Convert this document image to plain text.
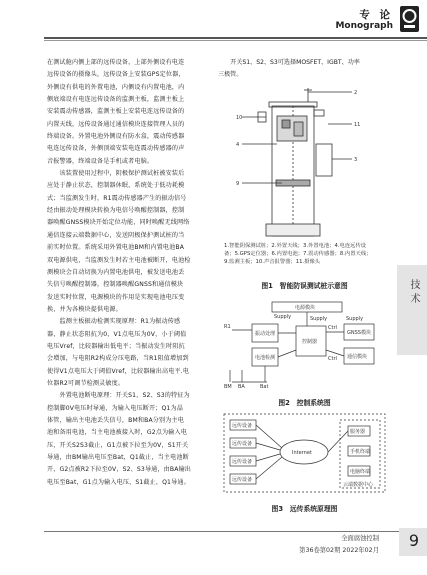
专 论
Monograph

在测试舱内侧上部的远传设备，上部外侧设有电连

远传设备的摄像头，远传设备上安装GPS定位器，

外侧设有供电的外置电池，内侧设有内置电池，内

侧底端设有电连远传设备的监测主板，监测主板上

安装震动传感器，监测主板上安装电连远传设备的

内置天线，远传设备通过通信模块连接管理人员的

终端设备。外置电池外侧设有防水盒，震动传感器

电连远传设备，外侧顶端安装电连震动传感器的声

音报警器，终端设备是手机或者电脑。

　　该装置使用过程中，阴极保护测试桩被安装后

应处于静止状态，控制器休眠，系统处于低功耗模

式；当监测发生时，R1震动传感器产生的振动信号

经由振动处理模块转换为电信号唤醒控制器，控制

器唤醒GNSS模块开始定位功能，同时唤醒无线网络

通信连接云端数据中心，发送阴极保护测试桩的当

前实时位置。系统采用外置电池BM和内置电池BA

双电源供电，当监测发生时若主电池被断开，电池检

测模块会自动切换为内置电池供电，被发送电池丢

失信号唤醒控制器，控制器唤醒GNSS和通信模块

发送实时位置，电源模块的作用是实现电池电压变

换，并为各模块提供电源。

　　监测主板振动检测实现原理：R1为振动传感

器，静止状态阻抗为0，V1点电压为0V，小于阈值

电压Vref，比较器输出低电平；当振动发生时阻抗

会增加，与电阻R2构成分压电路，当R1阻值增加到

使得V1点电压大于阈值Vref，比较器输出高电平.电

位器R2可调节检测灵敏度。

　　外置电池断电原理：开关S1、S2、S3的特征为

控制脚0V电压时导通，为输入电压断开；Q1为晶

体管，输出主电池丢失信号，BM和BA分别为主电

池和备用电池，当主电池被接入时，G2点为输入电

压，开关S2S3截止，G1点被下拉至为0V，S1开关

导通，由BM输出电压至Bat，Q1截止，当主电池断

开，G2点被R2下拉至0V，S2、S3导通，由BA输出

电压至Bat，G1点为输入电压，S1截止，Q1导通。

　　开关S1、S2、S3可选择MOSFET、IGBT、功率
三极管。
2
11
3
10
4
9
1.智能阴保测试桩；2.外置天线；3.外置电池；4.电连远传设
备；5.GPS定位器；6.内置电池；7.震动传感器；8.内置天线；
9.监测主板；10.声音报警器；11.摄像头
图1　智能防误测试桩示意图
电源模块
Supply	Supply	Supply
振动处理
电池检测
控制器
GNSS模块
通信模块
Ctrl
Ctrl
BM BA	Bat
R1
图2　控制系统图
远传设备
远传设备
远传设备
远传设备
Internet
服务器
手机终端
电脑终端
云端数据中心
图3　远传系统原理图
技术
全面腐蚀控制
第36卷第02期 2022年02月
9
